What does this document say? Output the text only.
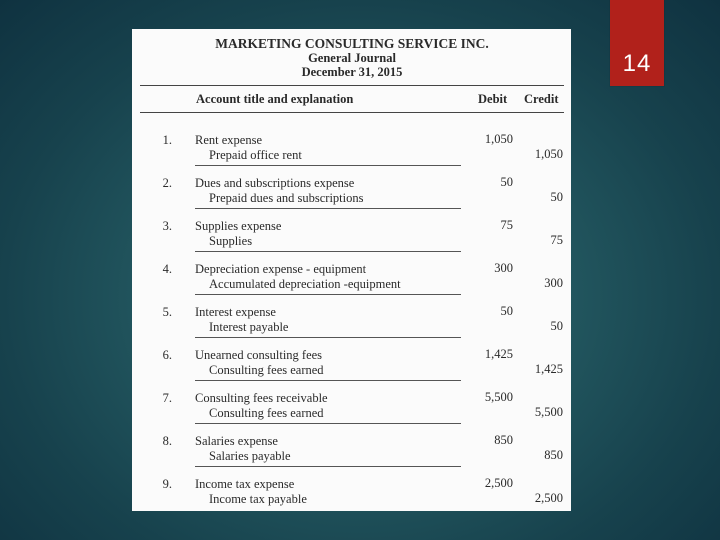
14
MARKETING CONSULTING SERVICE INC.
General Journal
December 31, 2015
Account title and explanation	Debit Credit
1. Rent expense
Prepaid office rent
1,050
1,050
2. Dues and subscriptions expense
Prepaid dues and subscriptions
50
50
3. Supplies expense
Supplies
75
75
4. Depreciation expense - equipment
Accumulated depreciation -equipment
300
300
5. Interest expense
Interest payable
50
50
6. Unearned consulting fees
Consulting fees earned
1,425
1,425
7. Consulting fees receivable
Consulting fees earned
5,500
5,500
8. Salaries expense
Salaries payable
850
850
9. Income tax expense
Income tax payable
2,500
2,500
